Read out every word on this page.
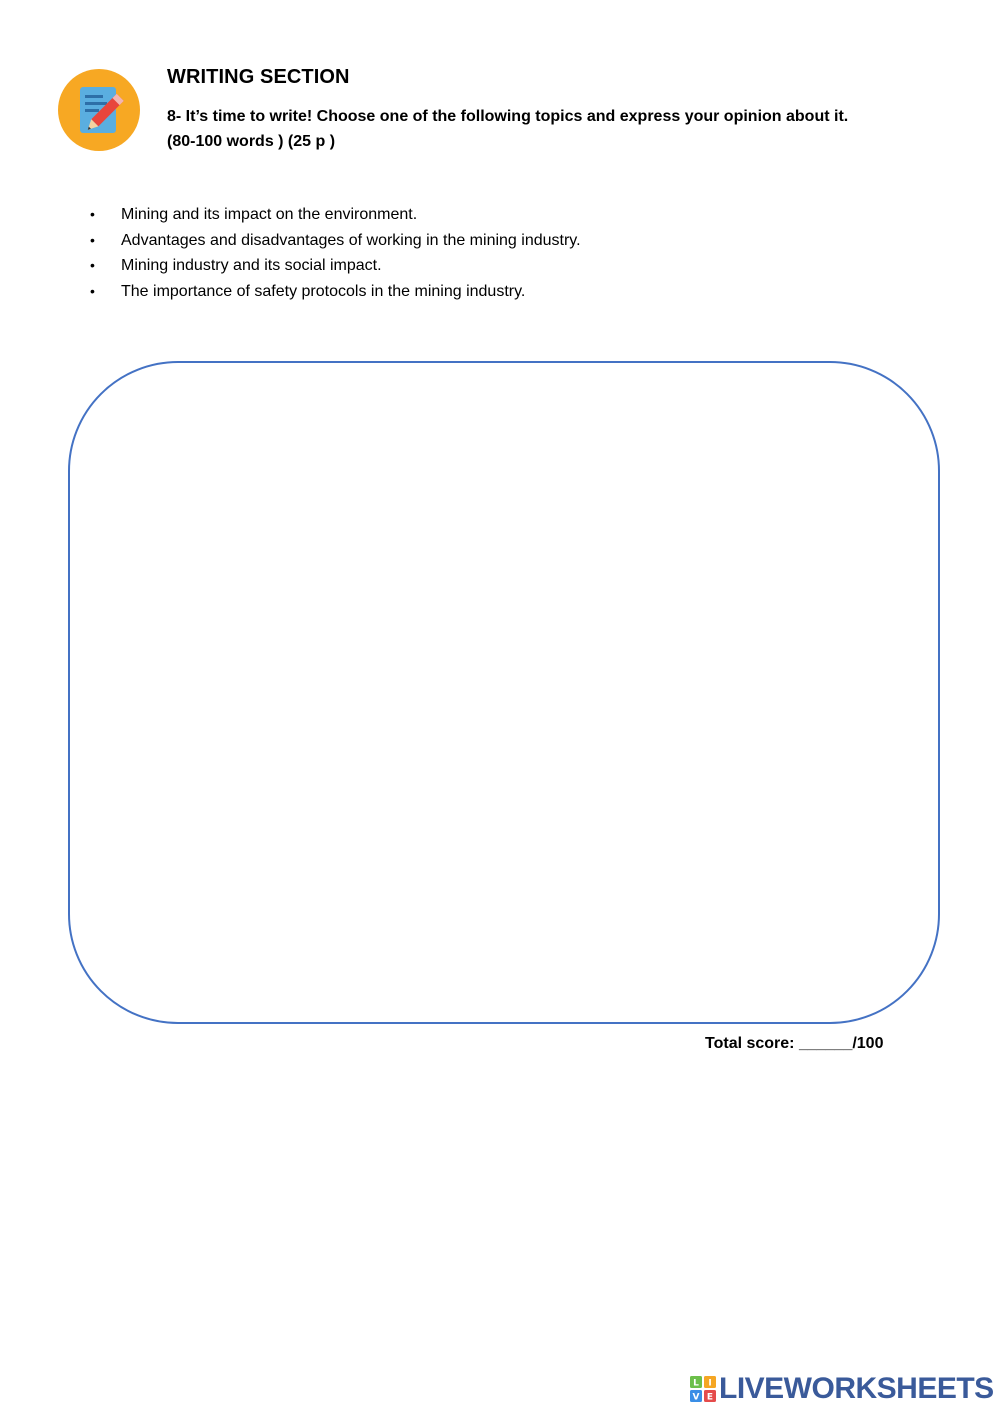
WRITING SECTION
8- It’s time to write! Choose one of the following topics and express your opinion about it. (80-100 words ) (25 p )
• Mining and its impact on the environment.
• Advantages and disadvantages of working in the mining industry.
• Mining industry and its social impact.
• The importance of safety protocols in the mining industry.
Total score: ______/100
L I
V E LIVEWORKSHEETS
